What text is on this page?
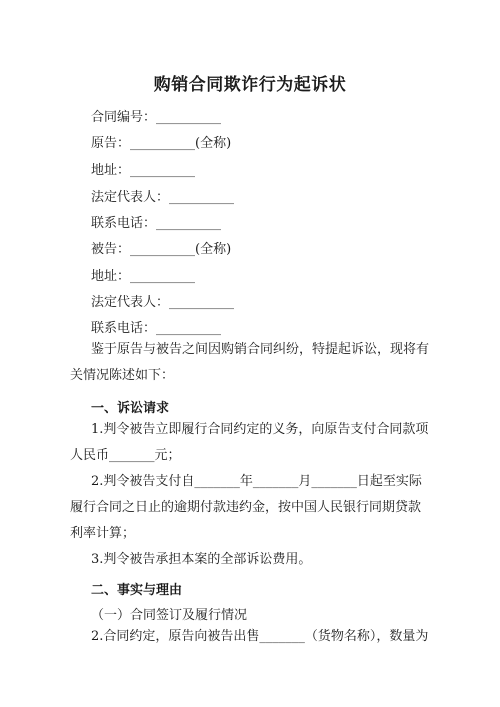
购销合同欺诈行为起诉状
合同编号：__________
原告：__________(全称)
地址：__________
法定代表人：__________
联系电话：__________
被告：__________(全称)
地址：__________
法定代表人：__________
联系电话：__________
鉴于原告与被告之间因购销合同纠纷，特提起诉讼，现将有关情况陈述如下：
一、诉讼请求
1.判令被告立即履行合同约定的义务，向原告支付合同款项人民币_______元；
2.判令被告支付自_______年_______月_______日起至实际履行合同之日止的逾期付款违约金，按中国人民银行同期贷款利率计算；
3.判令被告承担本案的全部诉讼费用。
二、事实与理由
（一）合同签订及履行情况
2.合同约定，原告向被告出售_______（货物名称），数量为
